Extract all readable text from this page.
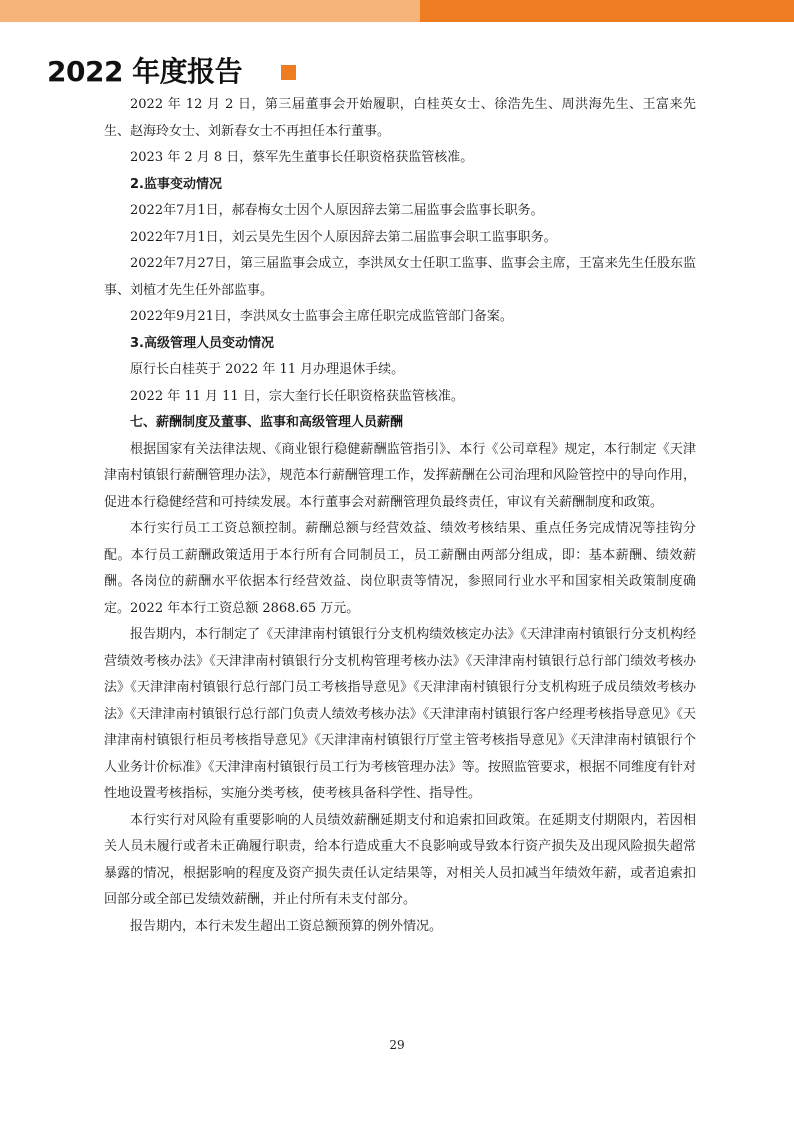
2022 年度报告

2022 年 12 月 2 日，第三届董事会开始履职，白桂英女士、徐浩先生、周洪海先生、王富来先生、赵海玲女士、刘新春女士不再担任本行董事。

2023 年 2 月 8 日，蔡军先生董事长任职资格获监管核准。

2.监事变动情况

2022年7月1日，郝春梅女士因个人原因辞去第二届监事会监事长职务。

2022年7月1日，刘云昊先生因个人原因辞去第二届监事会职工监事职务。

2022年7月27日，第三届监事会成立，李洪凤女士任职工监事、监事会主席，王富来先生任股东监事、刘植才先生任外部监事。

2022年9月21日，李洪凤女士监事会主席任职完成监管部门备案。

3.高级管理人员变动情况

原行长白桂英于 2022 年 11 月办理退休手续。

2022 年 11 月 11 日，宗大奎行长任职资格获监管核准。

七、薪酬制度及董事、监事和高级管理人员薪酬

根据国家有关法律法规、《商业银行稳健薪酬监管指引》、本行《公司章程》规定，本行制定《天津津南村镇银行薪酬管理办法》，规范本行薪酬管理工作，发挥薪酬在公司治理和风险管控中的导向作用，促进本行稳健经营和可持续发展。本行董事会对薪酬管理负最终责任，审议有关薪酬制度和政策。

本行实行员工工资总额控制。薪酬总额与经营效益、绩效考核结果、重点任务完成情况等挂钩分配。本行员工薪酬政策适用于本行所有合同制员工，员工薪酬由两部分组成，即：基本薪酬、绩效薪酬。各岗位的薪酬水平依据本行经营效益、岗位职责等情况，参照同行业水平和国家相关政策制度确定。2022 年本行工资总额 2868.65 万元。

报告期内，本行制定了《天津津南村镇银行分支机构绩效核定办法》《天津津南村镇银行分支机构经营绩效考核办法》《天津津南村镇银行分支机构管理考核办法》《天津津南村镇银行总行部门绩效考核办法》《天津津南村镇银行总行部门员工考核指导意见》《天津津南村镇银行分支机构班子成员绩效考核办法》《天津津南村镇银行总行部门负责人绩效考核办法》《天津津南村镇银行客户经理考核指导意见》《天津津南村镇银行柜员考核指导意见》《天津津南村镇银行厅堂主管考核指导意见》《天津津南村镇银行个人业务计价标准》《天津津南村镇银行员工行为考核管理办法》等。按照监管要求，根据不同维度有针对性地设置考核指标，实施分类考核，使考核具备科学性、指导性。

本行实行对风险有重要影响的人员绩效薪酬延期支付和追索扣回政策。在延期支付期限内，若因相关人员未履行或者未正确履行职责，给本行造成重大不良影响或导致本行资产损失及出现风险损失超常暴露的情况，根据影响的程度及资产损失责任认定结果等，对相关人员扣减当年绩效年薪，或者追索扣回部分或全部已发绩效薪酬，并止付所有未支付部分。

报告期内，本行未发生超出工资总额预算的例外情况。

29
